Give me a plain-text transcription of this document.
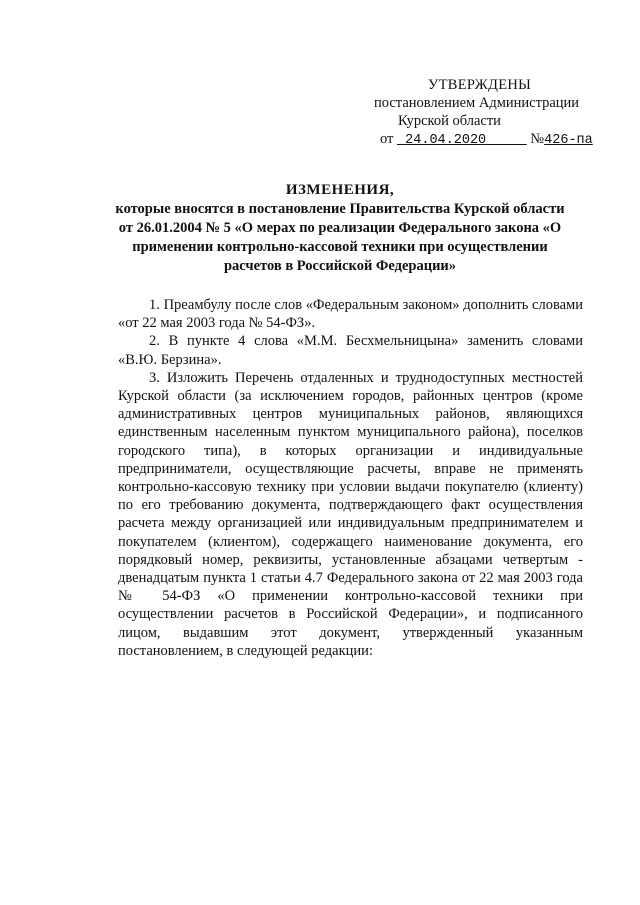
УТВЕРЖДЕНЫ
постановлением Администрации
Курской области
от 24.04.2020	№426-па
ИЗМЕНЕНИЯ,
которые вносятся в постановление Правительства Курской области
от 26.01.2004 № 5 «О мерах по реализации Федерального закона «О
применении контрольно-кассовой техники при осуществлении
расчетов в Российской Федерации»

1. Преамбулу после слов «Федеральным законом» дополнить словами «от 22 мая 2003 года № 54-ФЗ».

2. В пункте 4 слова «М.М. Бесхмельницына» заменить словами «В.Ю. Берзина».

3. Изложить Перечень отдаленных и труднодоступных местностей Курской области (за исключением городов, районных центров (кроме административных центров муниципальных районов, являющихся единственным населенным пунктом муниципального района), поселков городского типа), в которых организации и индивидуальные предприниматели, осуществляющие расчеты, вправе не применять контрольно-кассовую технику при условии выдачи покупателю (клиенту) по его требованию документа, подтверждающего факт осуществления расчета между организацией или индивидуальным предпринимателем и покупателем (клиентом), содержащего наименование документа, его порядковый номер, реквизиты, установленные абзацами четвертым - двенадцатым пункта 1 статьи 4.7 Федерального закона от 22 мая 2003 года № 54-ФЗ «О применении контрольно-кассовой техники при осуществлении расчетов в Российской Федерации», и подписанного лицом, выдавшим этот документ, утвержденный указанным постановлением, в следующей редакции:
